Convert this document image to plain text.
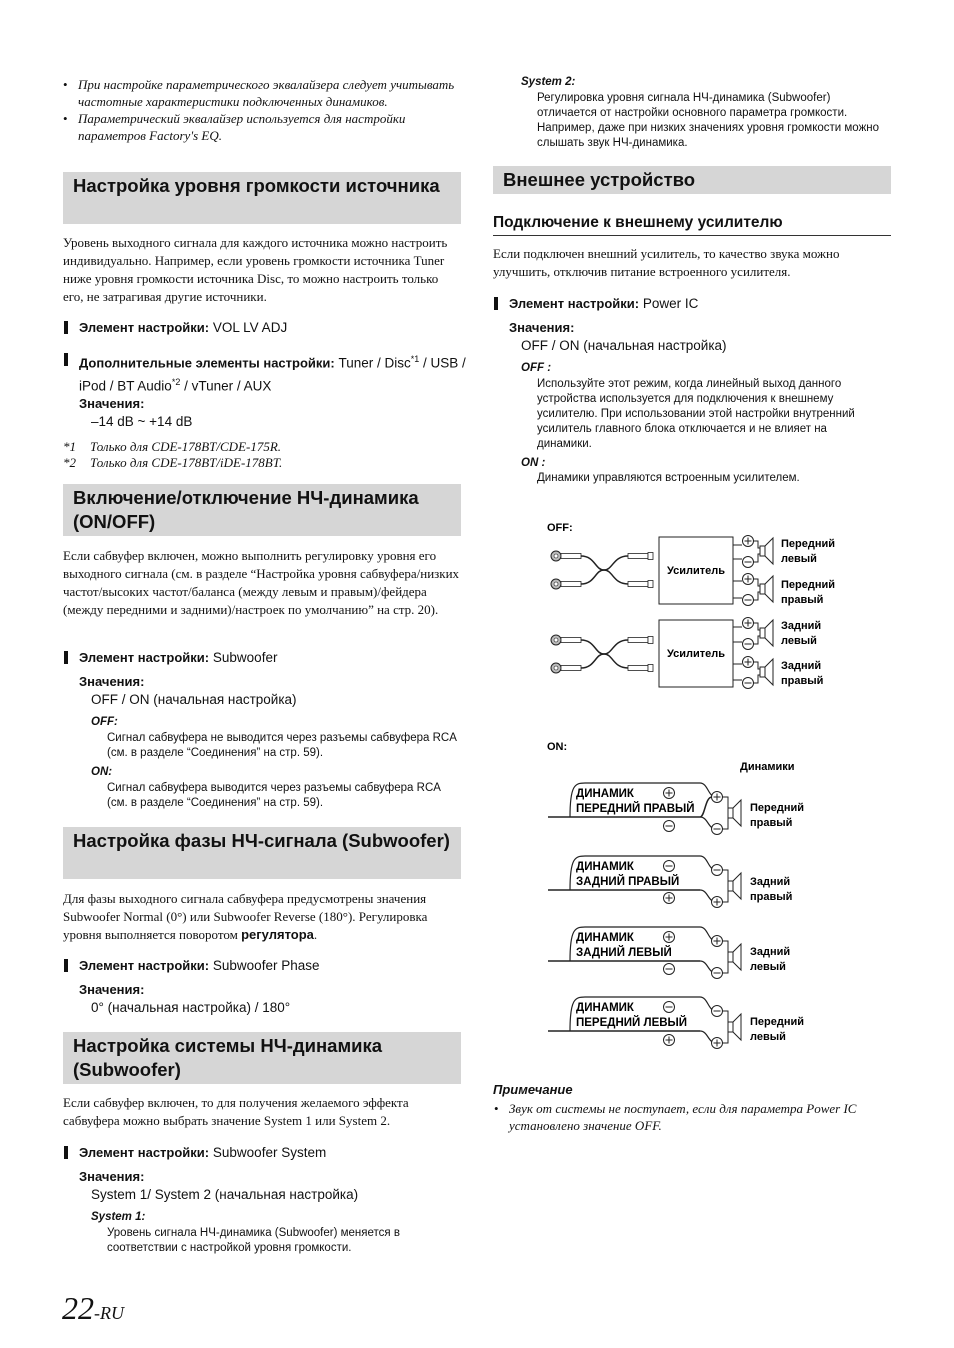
• При настройке параметрического эквалайзера следует учитывать частотные характеристики подключенных динамиков.
• Параметрический эквалайзер используется для настройки параметров Factory's EQ.
Настройка уровня громкости источника
Уровень выходного сигнала для каждого источника можно настроить индивидуально. Например, если уровень громкости источника Tuner ниже уровня громкости источника Disc, то можно настроить только его, не затрагивая другие источники.
Элемент настройки: VOL LV ADJ
Дополнительные элементы настройки: Tuner / Disc$^{*1}$ / USB / iPod / BT Audio$^{*2}$ / vTuner / AUX
Значения:
–14 dB ~ +14 dB
*1 Только для CDE-178BT/CDE-175R.
*2 Только для CDE-178BT/iDE-178BT.
Включение/отключение НЧ-динамика (ON/OFF)
Если сабвуфер включен, можно выполнить регулировку уровня его выходного сигнала (см. в разделе “Настройка уровня сабвуфера/низких частот/высоких частот/баланса (между левым и правым)/фейдера (между передними и задними)/настроек по умолчанию” на стр. 20).
Элемент настройки: Subwoofer
Значения:
OFF / ON (начальная настройка)
OFF:
Сигнал сабвуфера не выводится через разъемы сабвуфера RCA (см. в разделе “Соединения” на стр. 59).
ON:
Сигнал сабвуфера выводится через разъемы сабвуфера RCA (см. в разделе “Соединения” на стр. 59).
Настройка фазы НЧ-сигнала (Subwoofer)
Для фазы выходного сигнала сабвуфера предусмотрены значения Subwoofer Normal (0°) или Subwoofer Reverse (180°). Регулировка уровня выполняется поворотом регулятора.
Элемент настройки: Subwoofer Phase
Значения:
0° (начальная настройка) / 180°
Настройка системы НЧ-динамика (Subwoofer)
Если сабвуфер включен, то для получения желаемого эффекта сабвуфера можно выбрать значение System 1 или System 2.
Элемент настройки: Subwoofer System
Значения:
System 1/ System 2 (начальная настройка)
System 1:
Уровень сигнала НЧ-динамика (Subwoofer) меняется в соответствии с настройкой уровня громкости.
22-RU
System 2:
Регулировка уровня сигнала НЧ-динамика (Subwoofer) отличается от настройки основного параметра громкости. Например, даже при низких значениях уровня громкости можно слышать звук НЧ-динамика.
Внешнее устройство
Подключение к внешнему усилителю
Если подключен внешний усилитель, то качество звука можно улучшить, отключив питание встроенного усилителя.
Элемент настройки: Power IC
Значения:
OFF / ON (начальная настройка)
OFF :
Используйте этот режим, когда линейный выход данного устройства используется для подключения к внешнему усилителю. При использовании этой настройки внутренний усилитель главного блока отключается и не влияет на динамики.
ON :
Динамики управляются встроенным усилителем.
OFF:
Усилитель
Передний
левый
Передний
правый
Усилитель
Задний
левый
Задний
правый
ON:
Динамики
ДИНАМИК
ПЕРЕДНИЙ ПРАВЫЙ	Передний
правый
ДИНАМИК
ЗАДНИЙ ПРАВЫЙ	Задний
правый
ДИНАМИК
ЗАДНИЙ ЛЕВЫЙ	Задний
левый
ДИНАМИК
ПЕРЕДНИЙ ЛЕВЫЙ	Передний
левый
Примечание
• Звук от системы не поступает, если для параметра Power IC установлено значение OFF.
